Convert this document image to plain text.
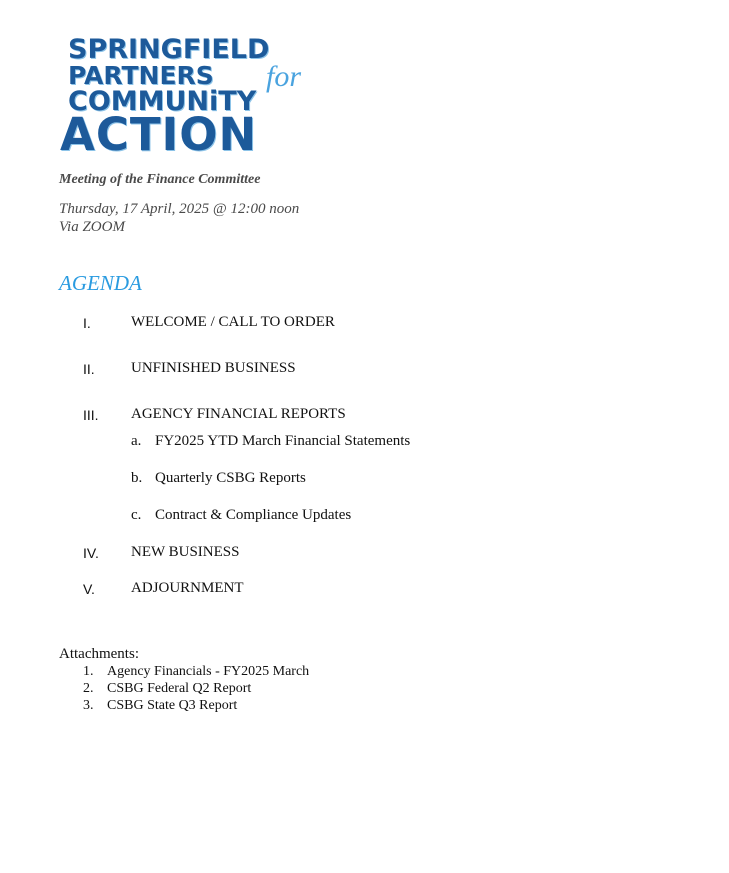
SPRINGFIELD
PARTNERS for
COMMUNiTY
ACTION
Meeting of the Finance Committee
Thursday, 17 April, 2025 @ 12:00 noon
Via ZOOM
AGENDA
I.	WELCOME / CALL TO ORDER
II. UNFINISHED BUSINESS
III. AGENCY FINANCIAL REPORTS
a. FY2025 YTD March Financial Statements
b. Quarterly CSBG Reports
c. Contract & Compliance Updates
IV. NEW BUSINESS
V. ADJOURNMENT
Attachments:
1. Agency Financials - FY2025 March
2. CSBG Federal Q2 Report
3. CSBG State Q3 Report
